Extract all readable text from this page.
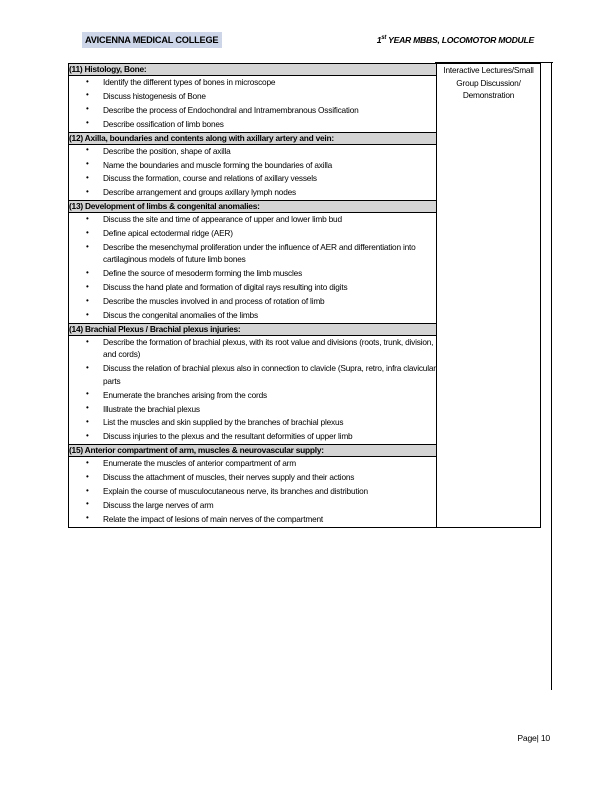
AVICENNA MEDICAL COLLEGE	1st YEAR MBBS, LOCOMOTOR MODULE
(11) Histology, Bone:	Interactive Lectures/Small Group Discussion/ Demonstration

• Identify the different types of bones in microscope
• Discuss histogenesis of Bone
• Describe the process of Endochondral and Intramembranous Ossification
• Describe ossification of limb bones

(12) Axilla, boundaries and contents along with axillary artery and vein:

• Describe the position, shape of axilla
• Name the boundaries and muscle forming the boundaries of axilla
• Discuss the formation, course and relations of axillary vessels
• Describe arrangement and groups axillary lymph nodes

(13) Development of limbs & congenital anomalies:

• Discuss the site and time of appearance of upper and lower limb bud
• Define apical ectodermal ridge (AER)
• Describe the mesenchymal proliferation under the influence of AER and differentiation into cartilaginous models of future limb bones
• Define the source of mesoderm forming the limb muscles
• Discuss the hand plate and formation of digital rays resulting into digits
• Describe the muscles involved in and process of rotation of limb
• Discus the congenital anomalies of the limbs

(14) Brachial Plexus / Brachial plexus injuries:

• Describe the formation of brachial plexus, with its root value and divisions (roots, trunk, division, and cords)
• Discuss the relation of brachial plexus also in connection to clavicle (Supra, retro, infra clavicular parts
• Enumerate the branches arising from the cords
• Illustrate the brachial plexus
• List the muscles and skin supplied by the branches of brachial plexus
• Discuss injuries to the plexus and the resultant deformities of upper limb

(15) Anterior compartment of arm, muscles & neurovascular supply:

• Enumerate the muscles of anterior compartment of arm
• Discuss the attachment of muscles, their nerves supply and their actions
• Explain the course of musculocutaneous nerve, its branches and distribution
• Discuss the large nerves of arm
• Relate the impact of lesions of main nerves of the compartment
Page| 10
